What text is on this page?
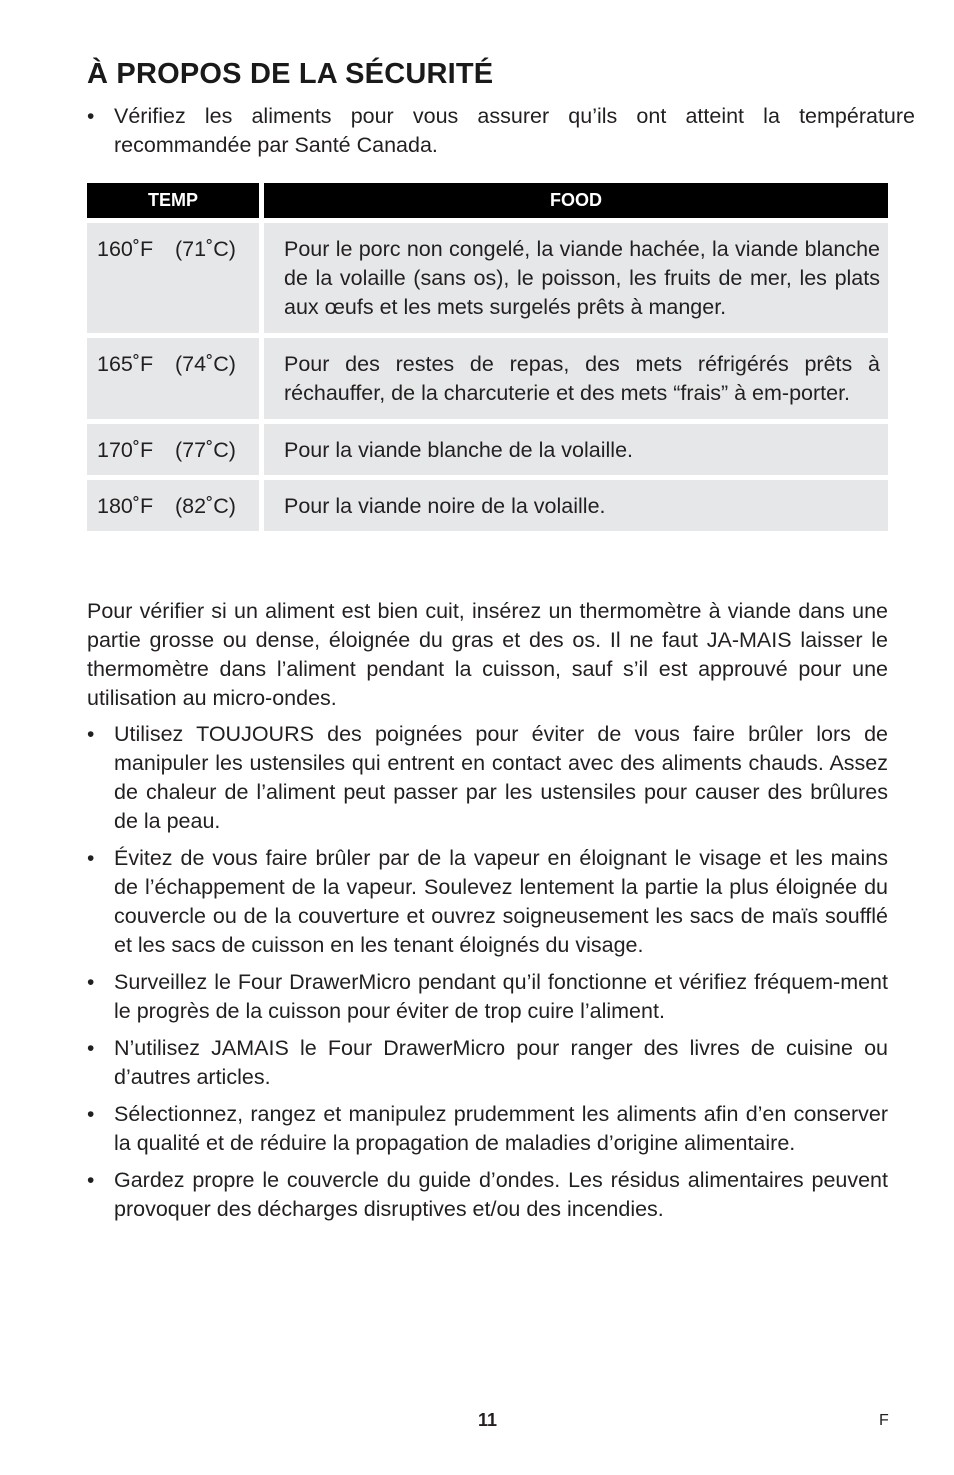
À PROPOS DE LA SÉCURITÉ
• Vérifiez les aliments pour vous assurer qu’ils ont atteint la température recommandée par Santé Canada.
TEMP	FOOD
160˚F (71˚C)	Pour le porc non congelé, la viande hachée, la viande blanche de la volaille (sans os), le poisson, les fruits de mer, les plats aux œufs et les mets surgelés prêts à manger.
165˚F (74˚C)	Pour des restes de repas, des mets réfrigérés prêts à réchauffer, de la charcuterie et des mets “frais” à em-porter.
170˚F (77˚C)	Pour la viande blanche de la volaille.
180˚F (82˚C)	Pour la viande noire de la volaille.
Pour vérifier si un aliment est bien cuit, insérez un thermomètre à viande dans une partie grosse ou dense, éloignée du gras et des os. Il ne faut JA-MAIS laisser le thermomètre dans l’aliment pendant la cuisson, sauf s’il est approuvé pour une utilisation au micro-ondes.
• Utilisez TOUJOURS des poignées pour éviter de vous faire brûler lors de manipuler les ustensiles qui entrent en contact avec des aliments chauds. Assez de chaleur de l’aliment peut passer par les ustensiles pour causer des brûlures de la peau.
• Évitez de vous faire brûler par de la vapeur en éloignant le visage et les mains de l’échappement de la vapeur. Soulevez lentement la partie la plus éloignée du couvercle ou de la couverture et ouvrez soigneusement les sacs de maïs soufflé et les sacs de cuisson en les tenant éloignés du visage.
• Surveillez le Four DrawerMicro pendant qu’il fonctionne et vérifiez fréquem-ment le progrès de la cuisson pour éviter de trop cuire l’aliment.
• N’utilisez JAMAIS le Four DrawerMicro pour ranger des livres de cuisine ou d’autres articles.
• Sélectionnez, rangez et manipulez prudemment les aliments afin d’en conserver la qualité et de réduire la propagation de maladies d’origine alimentaire.
• Gardez propre le couvercle du guide d’ondes. Les résidus alimentaires peuvent provoquer des décharges disruptives et/ou des incendies.
11	F
